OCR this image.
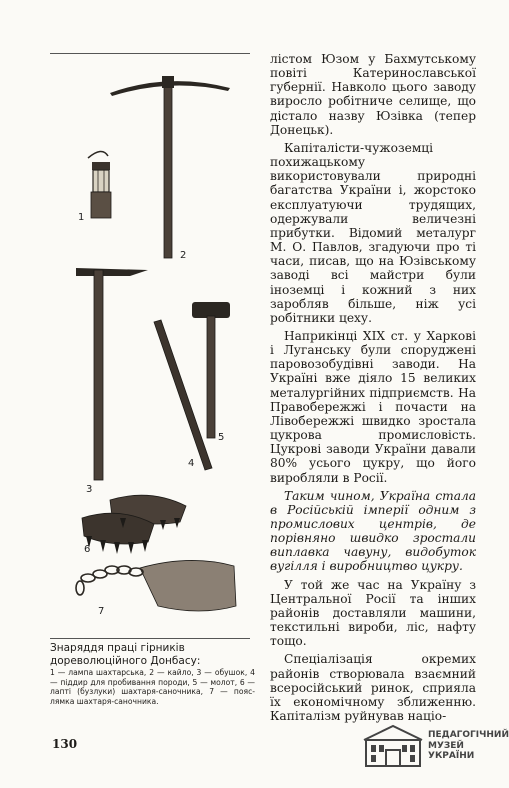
1
2
3
4
5
6
7
Знаряддя праці гірників дореволюційного Донбасу:
1 — лампа шахтарська, 2 — кайло, 3 — обушок, 4 — піддир для пробивання породи, 5 — молот, 6 — лапті (бузлуки) шахтаря-саночника, 7 — пояс-лямка шахтаря-саночника.
130

лістом Юзом у Бахмутському повіті Катеринославської губернії. Навколо цього заводу виросло робітниче селище, що дістало назву Юзівка (тепер Донецьк).

Капіталісти-чужоземці похижацькому використовували природні багатства України і, жорстоко експлуатуючи трудящих, одержували величезні прибутки. Відомий металург М. О. Павлов, згадуючи про ті часи, писав, що на Юзівському заводі всі майстри були іноземці і кожний з них заробляв більше, ніж усі робітники цеху.

Наприкінці XIX ст. у Харкові і Луганську були споруджені паровозобудівні заводи. На Україні вже діяло 15 великих металургійних підприємств. На Правобережжі і почасти на Лівобережжі швидко зростала цукрова промисловість. Цукрові заводи України давали 80% усього цукру, що його виробляли в Росії.

Таким чином, Україна стала в Російській імперії одним з промислових центрів, де порівняно швидко зростали виплавка чавуну, видобуток вугілля і виробництво цукру.

У той же час на Україну з Центральної Росії та інших районів доставляли машини, текстильні вироби, ліс, нафту тощо.

Спеціалізація окремих районів створювала взаємний всеросійський ринок, сприяла їх економічному зближенню. Капіталізм руйнував націо-

ПЕДАГОГІЧНИЙ
МУЗЕЙ
УКРАЇНИ
